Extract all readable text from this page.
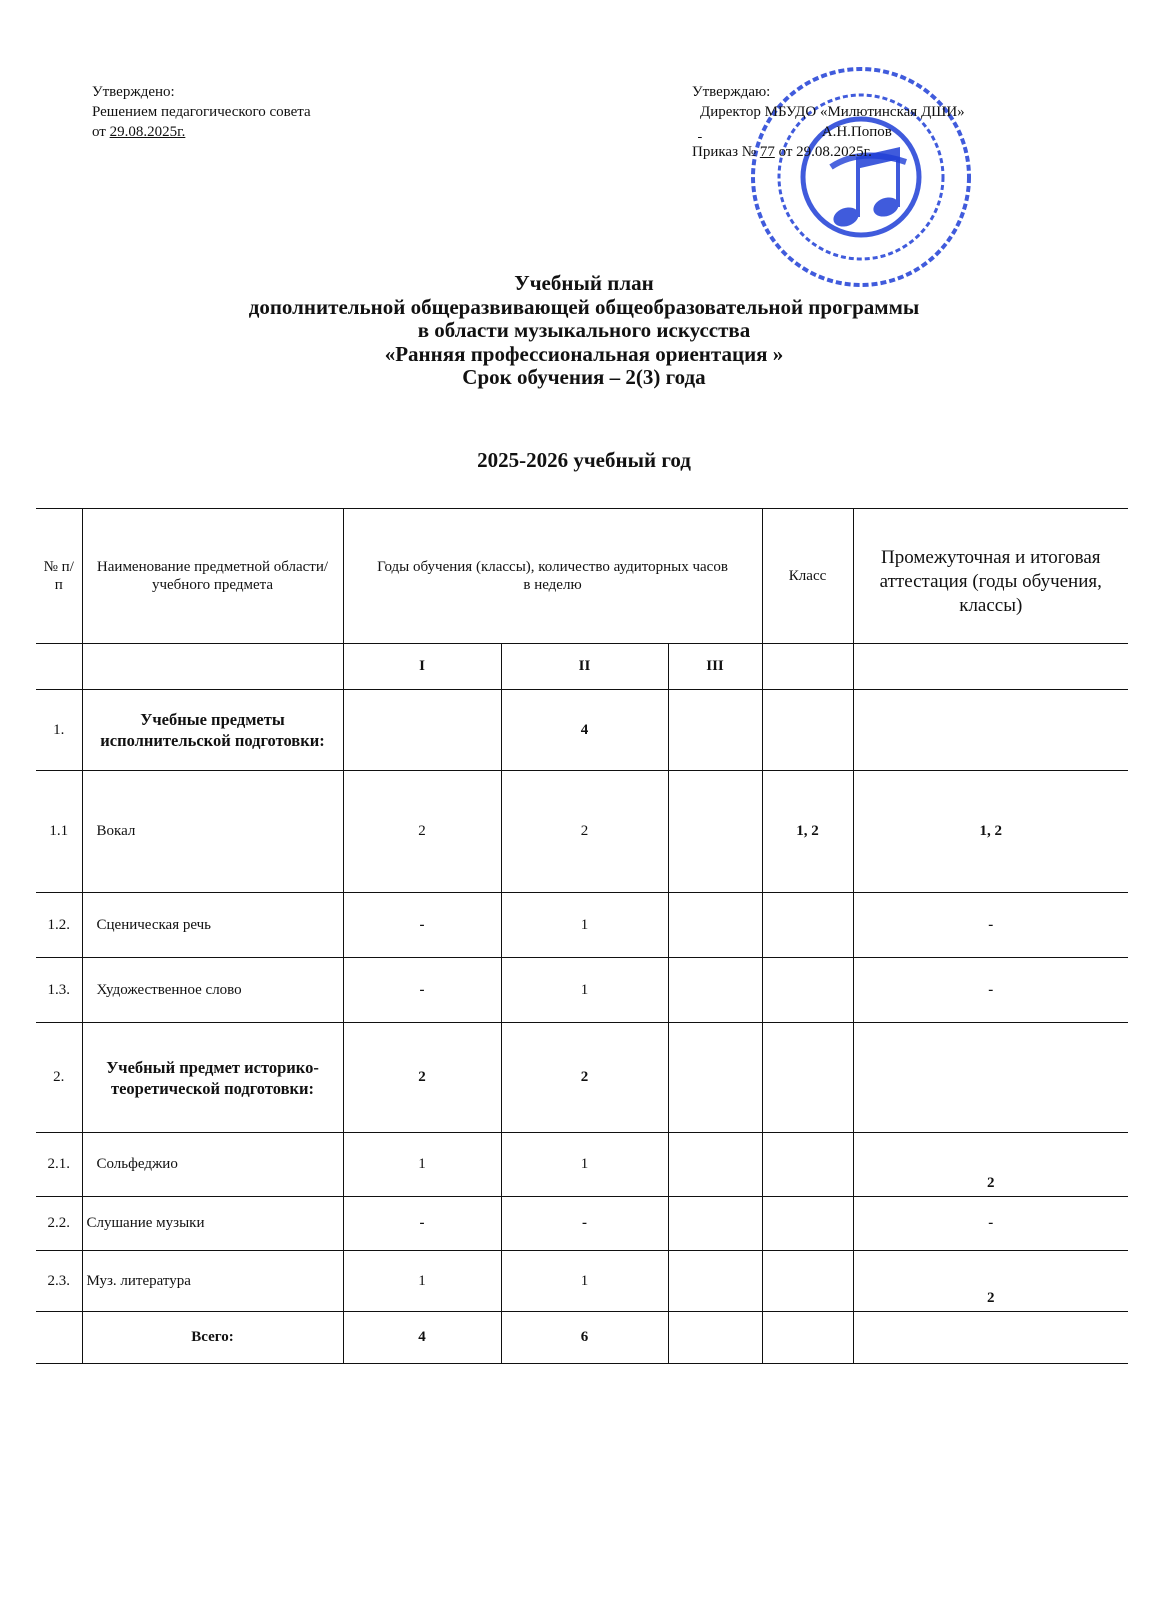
Утверждено:
Решением педагогического совета
от 29.08.2025г.
Утверждаю:
Директор МБУДО «Милютинская ДШИ»
А.Н.Попов
Приказ № 77 от 29.08.2025г.
Учебный план
дополнительной общеразвивающей общеобразовательной программы
в области музыкального искусства
«Ранняя профессиональная ориентация »
Срок обучения – 2(3) года
2025-2026 учебный год
№ п/п	Наименование предметной области/учебного предмета	Годы обучения (классы), количество аудиторных часов в неделю			Класс	Промежуточная и итоговая аттестация (годы обучения, классы)
		I	II	III		
1.	Учебные предметы исполнительской подготовки:		4			
1.1	Вокал	2	2		1, 2	1, 2
1.2.	Сценическая речь	-	1			-
1.3.	Художественное слово	-	1			-
2.	Учебный предмет историко-теоретической подготовки:	2	2			
2.1.	Сольфеджио	1	1			2
2.2.	Слушание музыки	-	-			-
2.3.	Муз. литература	1	1			2
	Всего:	4	6			
